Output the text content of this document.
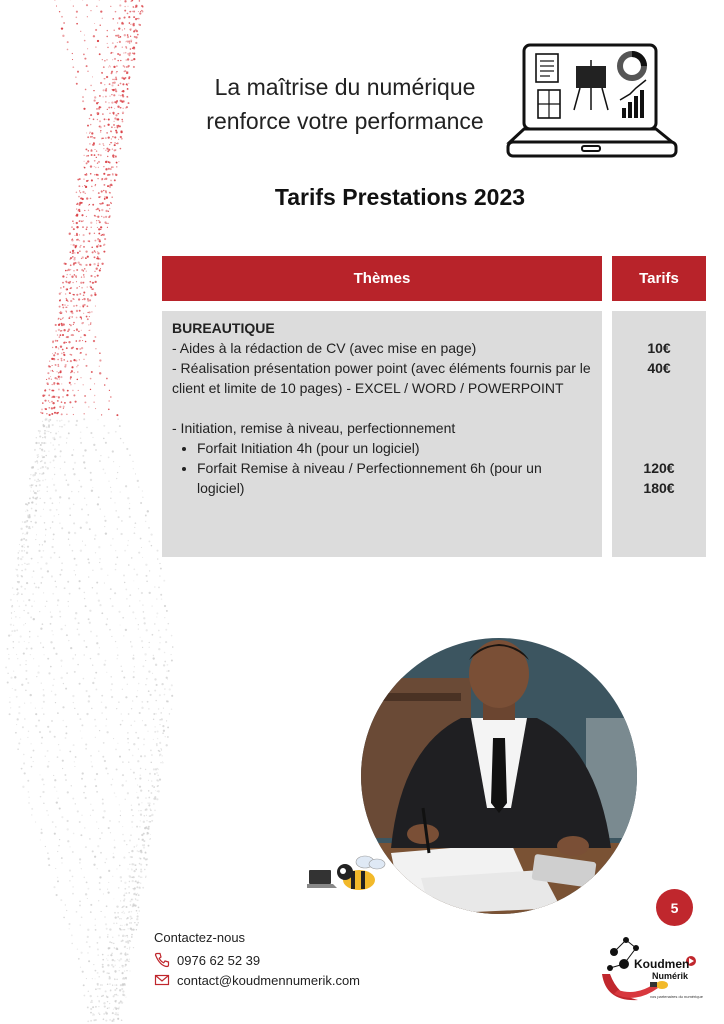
La maîtrise du numérique
renforce votre performance
Tarifs Prestations 2023
Thèmes	Tarifs
BUREAUTIQUE
- Aides à la rédaction de CV (avec mise en page)
- Réalisation présentation power point (avec éléments fournis par le client et limite de 10 pages) - EXCEL / WORD / POWERPOINT
- Initiation, remise à niveau, perfectionnement
• Forfait Initiation 4h (pour un logiciel)
• Forfait Remise à niveau / Perfectionnement 6h (pour un logiciel)
10€
40€
120€
180€
5
Contactez-nous
0976 62 52 39
contact@koudmennumerik.com
Koudmen
Numérik
vos partenaires du numérique
